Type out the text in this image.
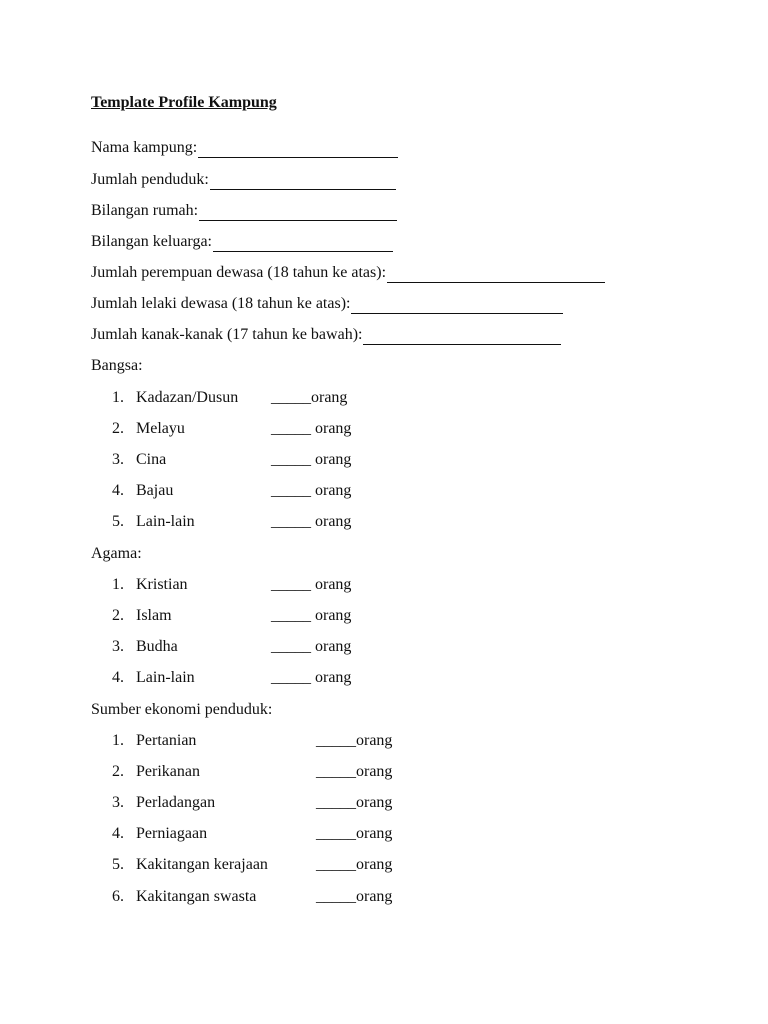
Template Profile Kampung
Nama kampung:
Jumlah penduduk:
Bilangan rumah:
Bilangan keluarga:
Jumlah perempuan dewasa (18 tahun ke atas):
Jumlah lelaki dewasa (18 tahun ke atas):
Jumlah kanak-kanak (17 tahun ke bawah):
Bangsa:
1. Kadazan/Dusun _____orang
2. Melayu	_____ orang
3. Cina	_____ orang
4. Bajau	_____ orang
5. Lain-lain	_____ orang
Agama:
1. Kristian	_____ orang
2. Islam	_____ orang
3. Budha	_____ orang
4. Lain-lain	_____ orang
Sumber ekonomi penduduk:
1. Pertanian	_____orang
2. Perikanan	_____orang
3. Perladangan	_____orang
4. Perniagaan	_____orang
5. Kakitangan kerajaan	_____orang
6. Kakitangan swasta	_____orang
